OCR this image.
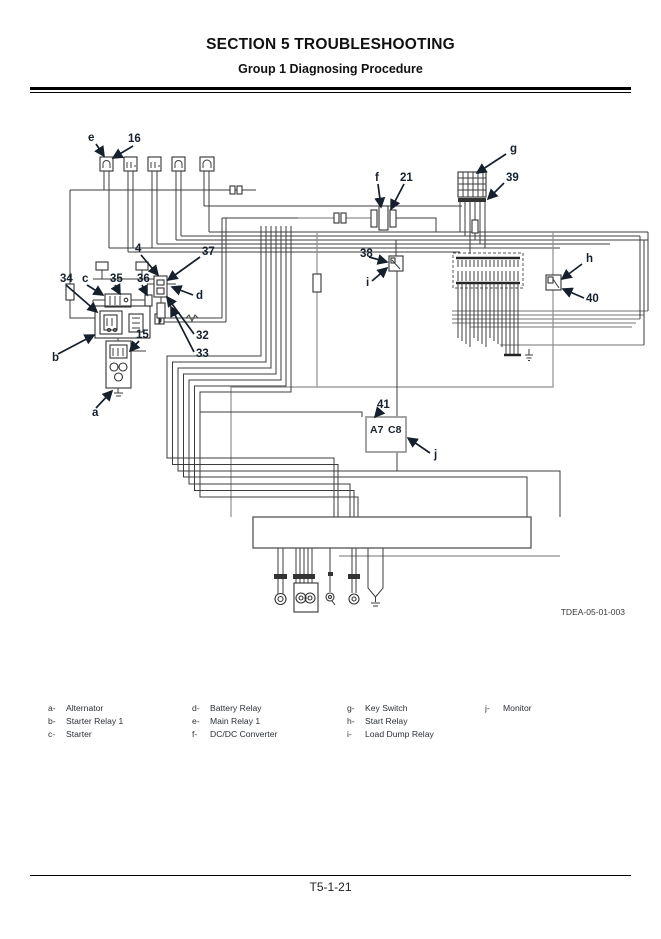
SECTION 5 TROUBLESHOOTING
Group 1 Diagnosing Procedure
A7 C8
e	16
4	37
d
32
33
34 c 35 36
b
15
a
f 21
g
39
38
i
h
40
41
j
TDEA-05-01-003
a- Alternator
b- Starter Relay 1
c- Starter
d- Battery Relay
e- Main Relay 1
f- DC/DC Converter
g- Key Switch
h- Start Relay
i- Load Dump Relay
j- Monitor
T5-1-21
